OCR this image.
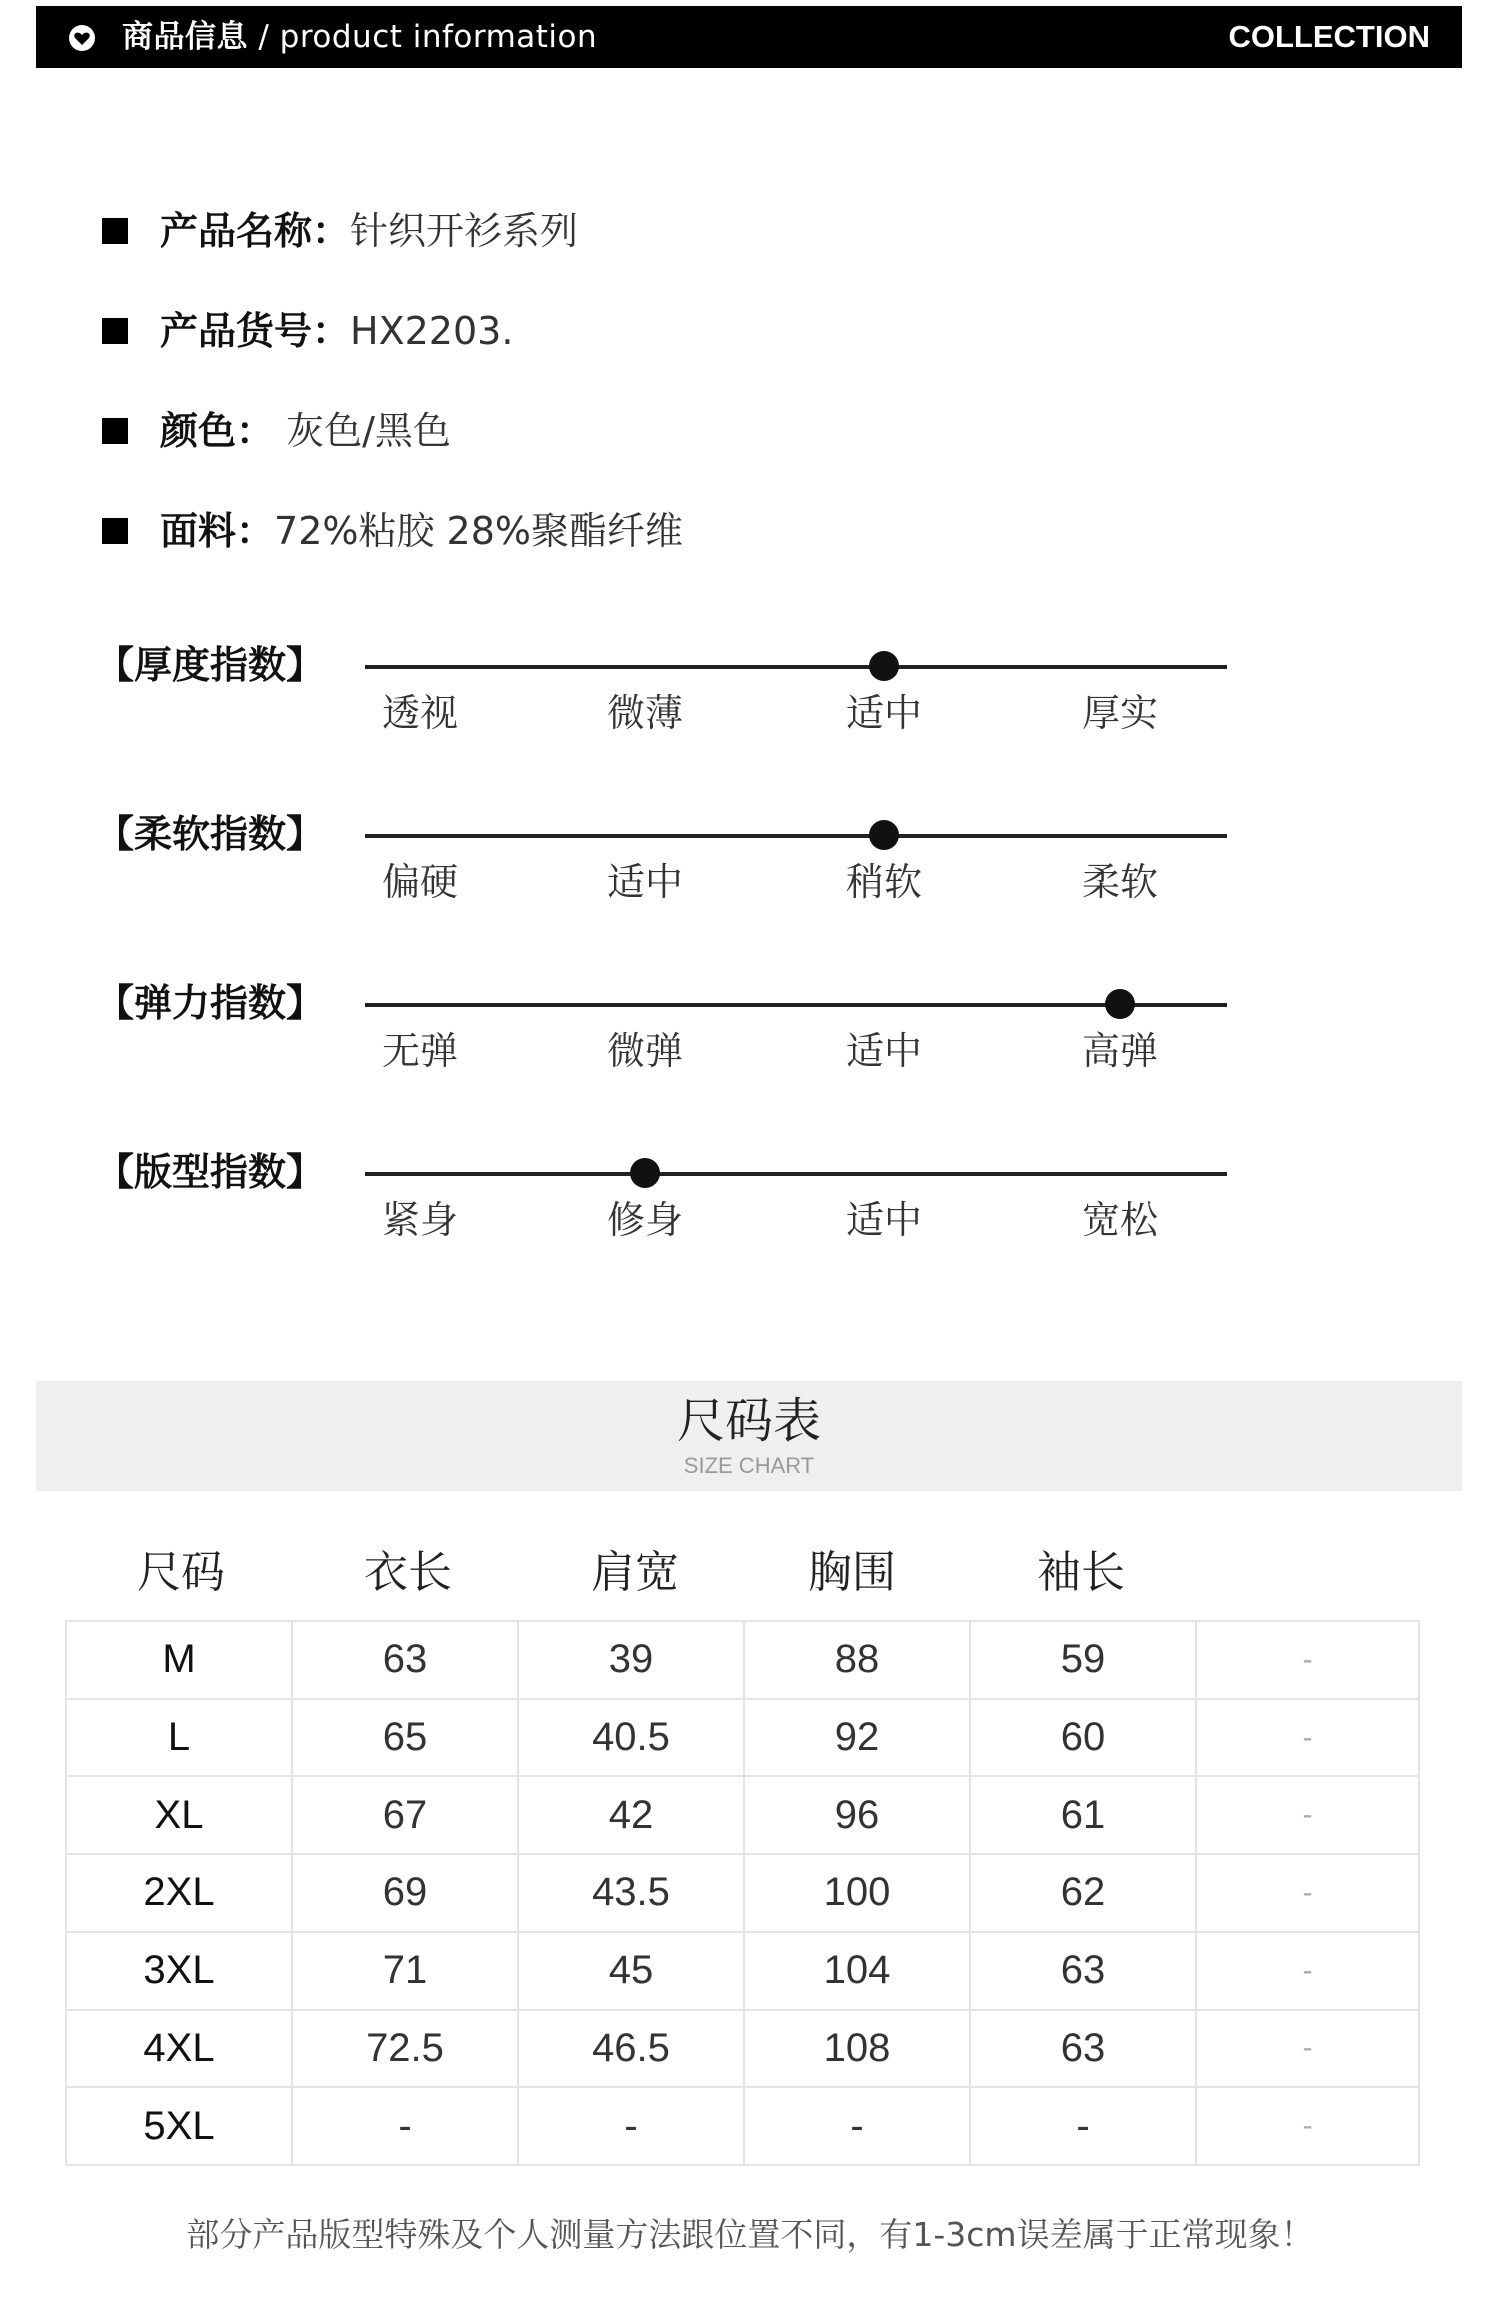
商品信息 / product information	COLLECTION
产品名称：针织开衫系列
产品货号：HX2203.
颜色： 灰色/黑色
面料：72%粘胶 28%聚酯纤维
【厚度指数】
透视	微薄	适中	厚实
【柔软指数】
偏硬	适中	稍软	柔软
【弹力指数】
无弹	微弹	适中	高弹
【版型指数】
紧身	修身	适中	宽松
尺码表
SIZE CHART
尺码	衣长	肩宽	胸围	袖长
M	63	39	88	59	-
L	65	40.5	92	60	-
XL	67	42	96	61	-
2XL	69	43.5	100	62	-
3XL	71	45	104	63	-
4XL	72.5	46.5	108	63	-
5XL	-	-	-	-	-
部分产品版型特殊及个人测量方法跟位置不同，有1-3cm误差属于正常现象！
